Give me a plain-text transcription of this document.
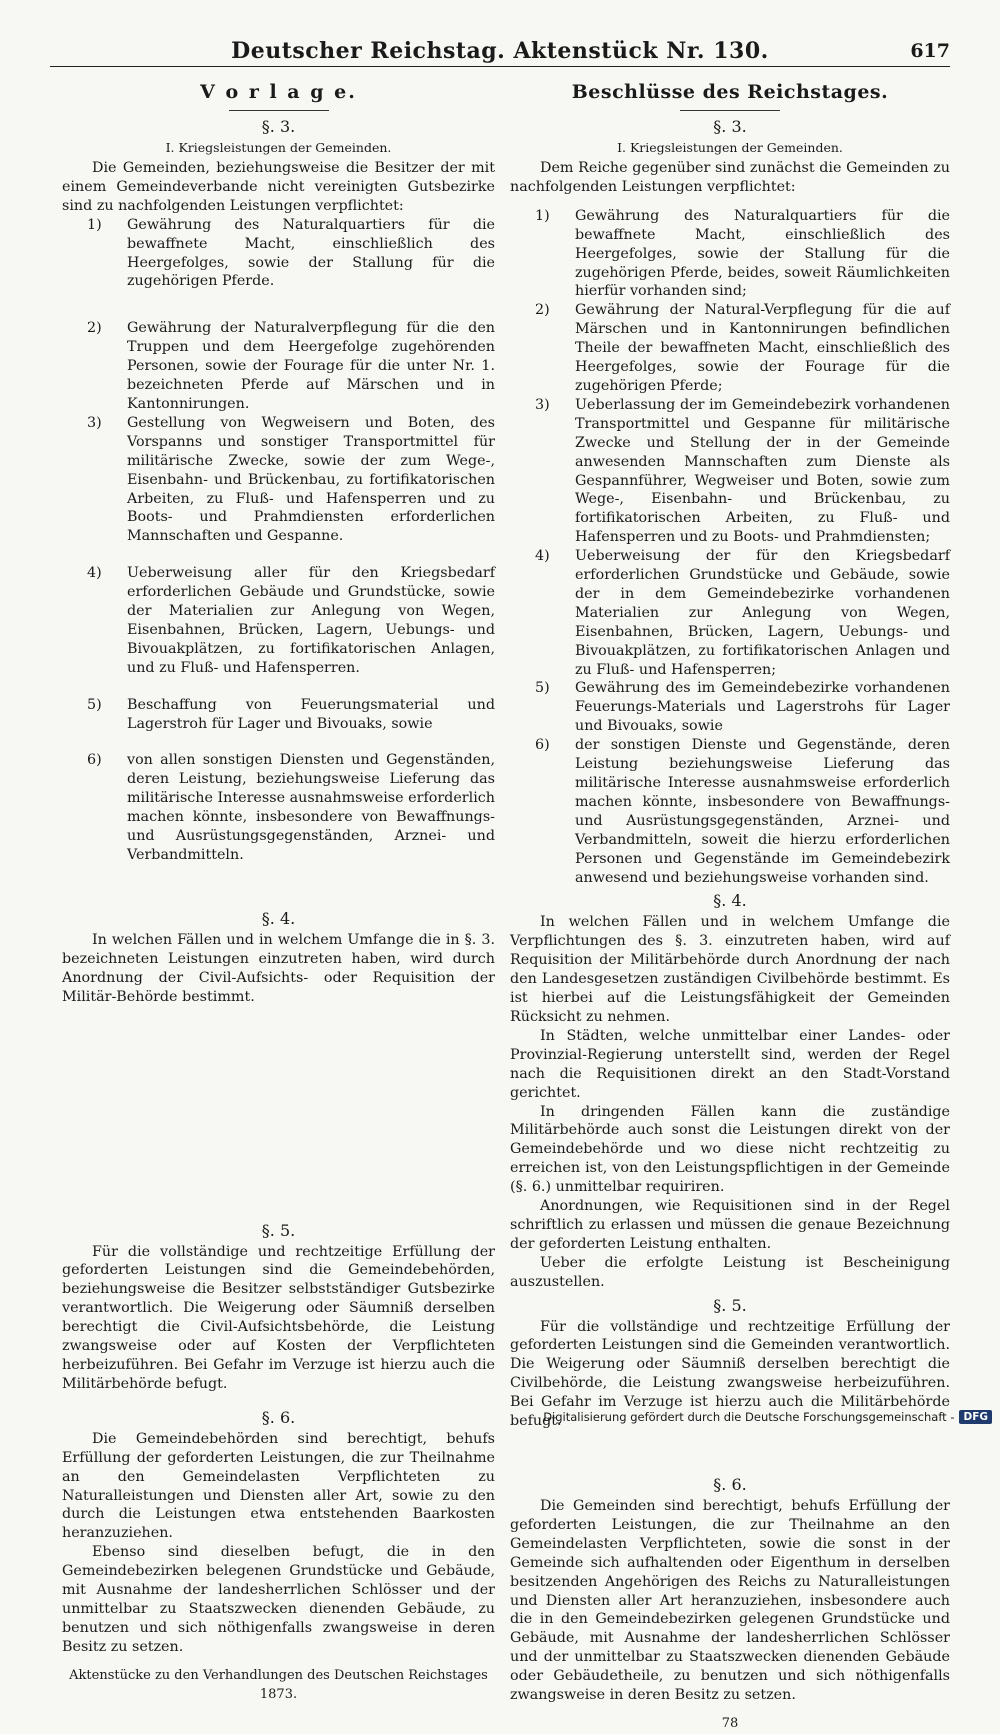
Deutscher Reichstag. Aktenstück Nr. 130.	617
V o r l a g e.
§. 3.
I. Kriegsleistungen der Gemeinden.

Die Gemeinden, beziehungsweise die Besitzer der mit einem Gemeindeverbande nicht vereinigten Gutsbezirke sind zu nachfolgenden Leistungen verpflichtet:

1) Gewährung des Naturalquartiers für die bewaffnete Macht, einschließlich des Heergefolges, sowie der Stallung für die zugehörigen Pferde.
2) Gewährung der Naturalverpflegung für die den Truppen und dem Heergefolge zugehörenden Personen, sowie der Fourage für die unter Nr. 1. bezeichneten Pferde auf Märschen und in Kantonnirungen.
3) Gestellung von Wegweisern und Boten, des Vorspanns und sonstiger Transportmittel für militärische Zwecke, sowie der zum Wege-, Eisenbahn- und Brückenbau, zu fortifikatorischen Arbeiten, zu Fluß- und Hafensperren und zu Boots- und Prahmdiensten erforderlichen Mannschaften und Gespanne.
4) Ueberweisung aller für den Kriegsbedarf erforderlichen Gebäude und Grundstücke, sowie der Materialien zur Anlegung von Wegen, Eisenbahnen, Brücken, Lagern, Uebungs- und Bivouakplätzen, zu fortifikatorischen Anlagen, und zu Fluß- und Hafensperren.
5) Beschaffung von Feuerungsmaterial und Lagerstroh für Lager und Bivouaks, sowie
6) von allen sonstigen Diensten und Gegenständen, deren Leistung, beziehungsweise Lieferung das militärische Interesse ausnahmsweise erforderlich machen könnte, insbesondere von Bewaffnungs- und Ausrüstungsgegenständen, Arznei- und Verbandmitteln.
§. 4.

In welchen Fällen und in welchem Umfange die in §. 3. bezeichneten Leistungen einzutreten haben, wird durch Anordnung der Civil-Aufsichts- oder Requisition der Militär-Behörde bestimmt.

§. 5.

Für die vollständige und rechtzeitige Erfüllung der geforderten Leistungen sind die Gemeindebehörden, beziehungsweise die Besitzer selbstständiger Gutsbezirke verantwortlich. Die Weigerung oder Säumniß derselben berechtigt die Civil-Aufsichtsbehörde, die Leistung zwangsweise oder auf Kosten der Verpflichteten herbeizuführen. Bei Gefahr im Verzuge ist hierzu auch die Militärbehörde befugt.

§. 6.

Die Gemeindebehörden sind berechtigt, behufs Erfüllung der geforderten Leistungen, die zur Theilnahme an den Gemeindelasten Verpflichteten zu Naturalleistungen und Diensten aller Art, sowie zu den durch die Leistungen etwa entstehenden Baarkosten heranzuziehen.

Ebenso sind dieselben befugt, die in den Gemeindebezirken belegenen Grundstücke und Gebäude, mit Ausnahme der landesherrlichen Schlösser und der unmittelbar zu Staatszwecken dienenden Gebäude, zu benutzen und sich nöthigenfalls zwangsweise in deren Besitz zu setzen.

Aktenstücke zu den Verhandlungen des Deutschen Reichstages 1873.
Beschlüsse des Reichstages.
§. 3.
I. Kriegsleistungen der Gemeinden.

Dem Reiche gegenüber sind zunächst die Gemeinden zu nachfolgenden Leistungen verpflichtet:

1) Gewährung des Naturalquartiers für die bewaffnete Macht, einschließlich des Heergefolges, sowie der Stallung für die zugehörigen Pferde, beides, soweit Räumlichkeiten hierfür vorhanden sind;
2) Gewährung der Natural-Verpflegung für die auf Märschen und in Kantonnirungen befindlichen Theile der bewaffneten Macht, einschließlich des Heergefolges, sowie der Fourage für die zugehörigen Pferde;
3) Ueberlassung der im Gemeindebezirk vorhandenen Transportmittel und Gespanne für militärische Zwecke und Stellung der in der Gemeinde anwesenden Mannschaften zum Dienste als Gespannführer, Wegweiser und Boten, sowie zum Wege-, Eisenbahn- und Brückenbau, zu fortifikatorischen Arbeiten, zu Fluß- und Hafensperren und zu Boots- und Prahmdiensten;
4) Ueberweisung der für den Kriegsbedarf erforderlichen Grundstücke und Gebäude, sowie der in dem Gemeindebezirke vorhandenen Materialien zur Anlegung von Wegen, Eisenbahnen, Brücken, Lagern, Uebungs- und Bivouakplätzen, zu fortifikatorischen Anlagen und zu Fluß- und Hafensperren;
5) Gewährung des im Gemeindebezirke vorhandenen Feuerungs-Materials und Lagerstrohs für Lager und Bivouaks, sowie
6) der sonstigen Dienste und Gegenstände, deren Leistung beziehungsweise Lieferung das militärische Interesse ausnahmsweise erforderlich machen könnte, insbesondere von Bewaffnungs- und Ausrüstungsgegenständen, Arznei- und Verbandmitteln, soweit die hierzu erforderlichen Personen und Gegenstände im Gemeindebezirk anwesend und beziehungsweise vorhanden sind.
§. 4.

In welchen Fällen und in welchem Umfange die Verpflichtungen des §. 3. einzutreten haben, wird auf Requisition der Militärbehörde durch Anordnung der nach den Landesgesetzen zuständigen Civilbehörde bestimmt. Es ist hierbei auf die Leistungsfähigkeit der Gemeinden Rücksicht zu nehmen.

In Städten, welche unmittelbar einer Landes- oder Provinzial-Regierung unterstellt sind, werden der Regel nach die Requisitionen direkt an den Stadt-Vorstand gerichtet.

In dringenden Fällen kann die zuständige Militärbehörde auch sonst die Leistungen direkt von der Gemeindebehörde und wo diese nicht rechtzeitig zu erreichen ist, von den Leistungspflichtigen in der Gemeinde (§. 6.) unmittelbar requiriren.

Anordnungen, wie Requisitionen sind in der Regel schriftlich zu erlassen und müssen die genaue Bezeichnung der geforderten Leistung enthalten.

Ueber die erfolgte Leistung ist Bescheinigung auszustellen.

§. 5.

Für die vollständige und rechtzeitige Erfüllung der geforderten Leistungen sind die Gemeinden verantwortlich. Die Weigerung oder Säumniß derselben berechtigt die Civilbehörde, die Leistung zwangsweise herbeizuführen. Bei Gefahr im Verzuge ist hierzu auch die Militärbehörde befugt.

§. 6.

Die Gemeinden sind berechtigt, behufs Erfüllung der geforderten Leistungen, die zur Theilnahme an den Gemeindelasten Verpflichteten, sowie die sonst in der Gemeinde sich aufhaltenden oder Eigenthum in derselben besitzenden Angehörigen des Reichs zu Naturalleistungen und Diensten aller Art heranzuziehen, insbesondere auch die in den Gemeindebezirken gelegenen Grundstücke und Gebäude, mit Ausnahme der landesherrlichen Schlösser und der unmittelbar zu Staatszwecken dienenden Gebäude oder Gebäudetheile, zu benutzen und sich nöthigenfalls zwangsweise in deren Besitz zu setzen.

78
Digitalisierung gefördert durch die Deutsche Forschungsgemeinschaft - DFG
